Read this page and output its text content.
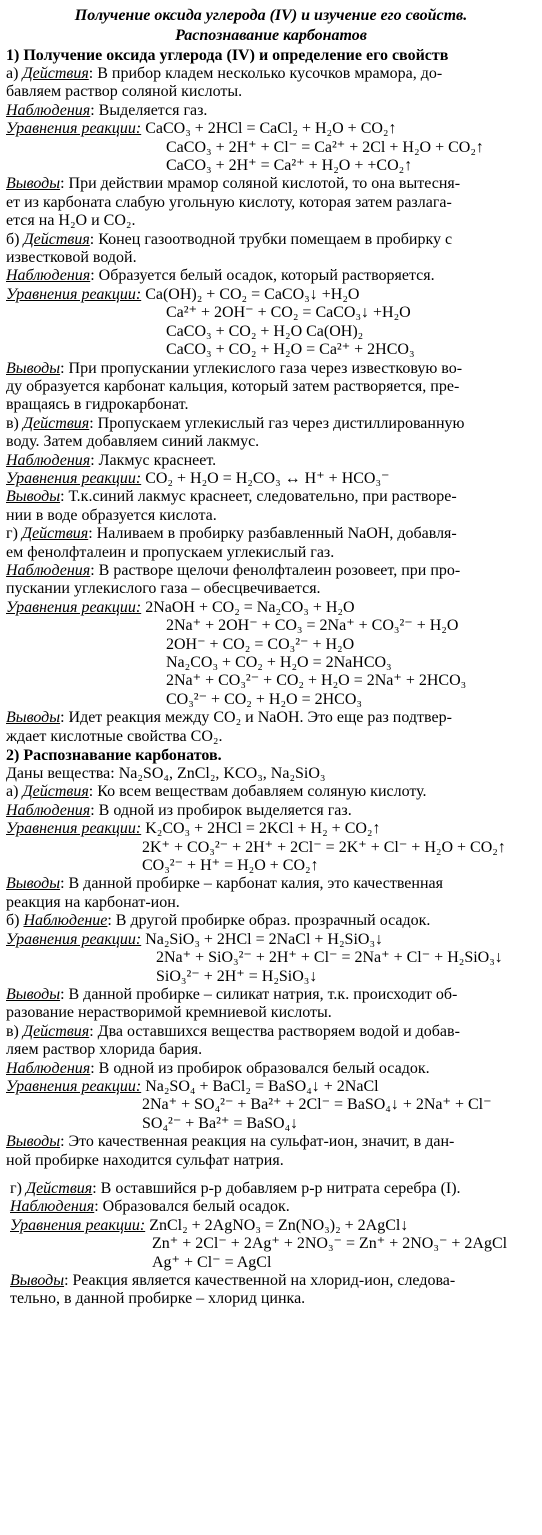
Получение оксида углерода (IV) и изучение его свойств.

Распознавание карбонатов

1) Получение оксида углерода (IV) и определение его свойств

а) Действия: В прибор кладем несколько кусочков мрамора, до-

бавляем раствор соляной кислоты.

Наблюдения: Выделяется газ.

Уравнения реакции: CaCO₃ + 2HCl = CaCl₂ + H₂O + CO₂↑

CaCO₃ + 2H⁺ + Cl⁻ = Ca²⁺ + 2Cl + H₂O + CO₂↑

CaCO₃ + 2H⁺ = Ca²⁺ + H₂O + +CO₂↑

Выводы: При действии мрамор соляной кислотой, то она вытесня-

ет из карбоната слабую угольную кислоту, которая затем разлага-

ется на H₂O и CO₂.

б) Действия: Конец газоотводной трубки помещаем в пробирку с

известковой водой.

Наблюдения: Образуется белый осадок, который растворяется.

Уравнения реакции: Ca(OH)₂ + CO₂ = CaCO₃↓ +H₂O

Ca²⁺ + 2OH⁻ + CO₂ = CaCO₃↓ +H₂O

CaCO₃ + CO₂ + H₂O Ca(OH)₂

CaCO₃ + CO₂ + H₂O = Ca²⁺ + 2HCO₃

Выводы: При пропускании углекислого газа через известковую во-

ду образуется карбонат кальция, который затем растворяется, пре-

вращаясь в гидрокарбонат.

в) Действия: Пропускаем углекислый газ через дистиллированную

воду. Затем добавляем синий лакмус.

Наблюдения: Лакмус краснеет.

Уравнения реакции: CO₂ + H₂O = H₂CO₃ ↔ H⁺ + HCO₃⁻

Выводы: Т.к.синий лакмус краснеет, следовательно, при растворе-

нии в воде образуется кислота.

г) Действия: Наливаем в пробирку разбавленный NaOH, добавля-

ем фенолфталеин и пропускаем углекислый газ.

Наблюдения: В растворе щелочи фенолфталеин розовеет, при про-

пускании углекислого газа – обесцвечивается.

Уравнения реакции: 2NaOH + CO₂ = Na₂CO₃ + H₂O

2Na⁺ + 2OH⁻ + CO₃ = 2Na⁺ + CO₃²⁻ + H₂O

2OH⁻ + CO₂ = CO₃²⁻ + H₂O

Na₂CO₃ + CO₂ + H₂O = 2NaHCO₃

2Na⁺ + CO₃²⁻ + CO₂ + H₂O = 2Na⁺ + 2HCO₃

CO₃²⁻ + CO₂ + H₂O = 2HCO₃

Выводы: Идет реакция между CO₂ и NaOH. Это еще раз подтвер-

ждает кислотные свойства CO₂.

2) Распознавание карбонатов.

Даны вещества: Na₂SO₄, ZnCl₂, KCO₃, Na₂SiO₃

а) Действия: Ко всем веществам добавляем соляную кислоту.

Наблюдения: В одной из пробирок выделяется газ.

Уравнения реакции: K₂CO₃ + 2HCl = 2KCl + H₂ + CO₂↑

2K⁺ + CO₃²⁻ + 2H⁺ + 2Cl⁻ = 2K⁺ + Cl⁻ + H₂O + CO₂↑

CO₃²⁻ + H⁺ = H₂O + CO₂↑

Выводы: В данной пробирке – карбонат калия, это качественная

реакция на карбонат-ион.

б) Наблюдение: В другой пробирке образ. прозрачный осадок.

Уравнения реакции: Na₂SiO₃ + 2HCl = 2NaCl + H₂SiO₃↓

2Na⁺ + SiO₃²⁻ + 2H⁺ + Cl⁻ = 2Na⁺ + Cl⁻ + H₂SiO₃↓

SiO₃²⁻ + 2H⁺ = H₂SiO₃↓

Выводы: В данной пробирке – силикат натрия, т.к. происходит об-

разование нерастворимой кремниевой кислоты.

в) Действия: Два оставшихся вещества растворяем водой и добав-

ляем раствор хлорида бария.

Наблюдения: В одной из пробирок образовался белый осадок.

Уравнения реакции: Na₂SO₄ + BaCl₂ = BaSO₄↓ + 2NaCl

2Na⁺ + SO₄²⁻ + Ba²⁺ + 2Cl⁻ = BaSO₄↓ + 2Na⁺ + Cl⁻

SO₄²⁻ + Ba²⁺ = BaSO₄↓

Выводы: Это качественная реакция на сульфат-ион, значит, в дан-

ной пробирке находится сульфат натрия.

г) Действия: В оставшийся р-р добавляем р-р нитрата серебра (I).

Наблюдения: Образовался белый осадок.

Уравнения реакции: ZnCl₂ + 2AgNO₃ = Zn(NO₃)₂ + 2AgCl↓

Zn⁺ + 2Cl⁻ + 2Ag⁺ + 2NO₃⁻ = Zn⁺ + 2NO₃⁻ + 2AgCl

Ag⁺ + Cl⁻ = AgCl

Выводы: Реакция является качественной на хлорид-ион, следова-

тельно, в данной пробирке – хлорид цинка.
